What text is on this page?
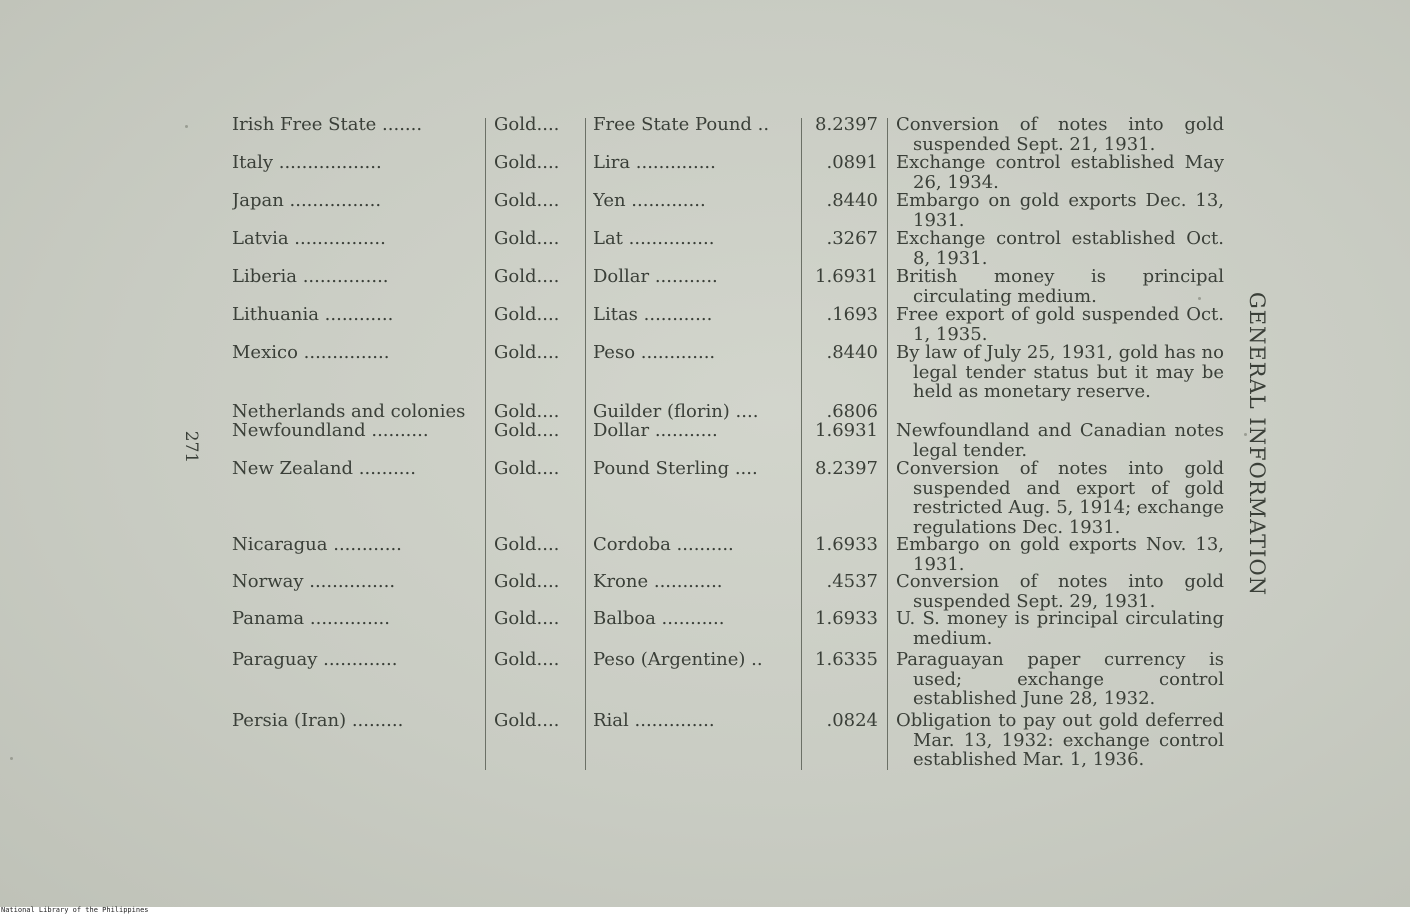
271	GENERAL INFORMATION
Irish Free State .......	Gold....	Free State Pound ..	8.2397 Conversion of notes into gold suspended Sept. 21, 1931.
Italy ..................	Gold....	Lira ..............	.0891 Exchange control established May 26, 1934.
Japan ................	Gold....	Yen .............	.8440 Embargo on gold exports Dec. 13, 1931.
Latvia ................	Gold....	Lat ...............	.3267 Exchange control established Oct. 8, 1931.
Liberia ...............	Gold....	Dollar ...........	1.6931 British money is principal circulating medium.
Lithuania ............	Gold....	Litas ............	.1693 Free export of gold suspended Oct. 1, 1935.
Mexico ...............	Gold....	Peso .............	.8440 By law of July 25, 1931, gold has no legal tender status but it may be held as monetary reserve.
Netherlands and colonies	Gold....	Guilder (florin) ....	.6806
Newfoundland ..........	Gold....	Dollar ...........	1.6931 Newfoundland and Canadian notes legal tender.
New Zealand ..........	Gold....	Pound Sterling ....	8.2397 Conversion of notes into gold suspended and export of gold restricted Aug. 5, 1914; exchange regulations Dec. 1931.
Nicaragua ............	Gold....	Cordoba ..........	1.6933 Embargo on gold exports Nov. 13, 1931.
Norway ...............	Gold....	Krone ............	.4537 Conversion of notes into gold suspended Sept. 29, 1931.
Panama ..............	Gold....	Balboa ...........	1.6933 U. S. money is principal circulating medium.
Paraguay .............	Gold....	Peso (Argentine) ..	1.6335 Paraguayan paper currency is used; exchange control established June 28, 1932.
Persia (Iran) .........	Gold....	Rial ..............	.0824 Obligation to pay out gold deferred Mar. 13, 1932: exchange control established Mar. 1, 1936.
National Library of the Philippines
